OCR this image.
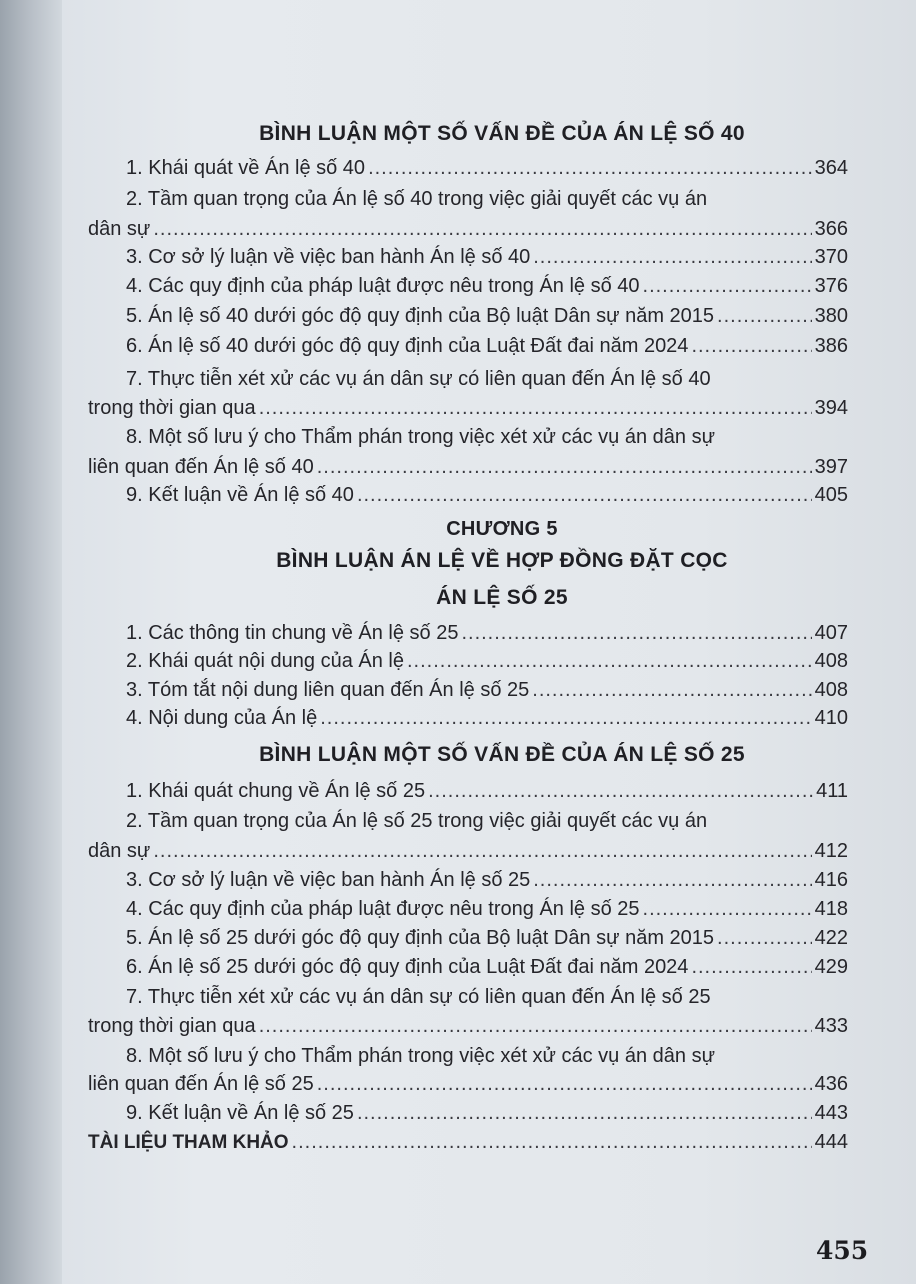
BÌNH LUẬN MỘT SỐ VẤN ĐỀ CỦA ÁN LỆ SỐ 40
1. Khái quát về Án lệ số 40 .....	364
2. Tầm quan trọng của Án lệ số 40 trong việc giải quyết các vụ án
dân sự .....	366
3. Cơ sở lý luận về việc ban hành Án lệ số 40 .....	370
4. Các quy định của pháp luật được nêu trong Án lệ số 40 .....	376
5. Án lệ số 40 dưới góc độ quy định của Bộ luật Dân sự năm 2015 .....	380
6. Án lệ số 40 dưới góc độ quy định của Luật Đất đai năm 2024 .....	386
7. Thực tiễn xét xử các vụ án dân sự có liên quan đến Án lệ số 40
trong thời gian qua .....	394
8. Một số lưu ý cho Thẩm phán trong việc xét xử các vụ án dân sự
liên quan đến Án lệ số 40 .....	397
9. Kết luận về Án lệ số 40 .....	405
CHƯƠNG 5
BÌNH LUẬN ÁN LỆ VỀ HỢP ĐỒNG ĐẶT CỌC
ÁN LỆ SỐ 25
1. Các thông tin chung về Án lệ số 25 .....	407
2. Khái quát nội dung của Án lệ .....	408
3. Tóm tắt nội dung liên quan đến Án lệ số 25 .....	408
4. Nội dung của Án lệ .....	410
BÌNH LUẬN MỘT SỐ VẤN ĐỀ CỦA ÁN LỆ SỐ 25
1. Khái quát chung về Án lệ số 25 .....	411
2. Tầm quan trọng của Án lệ số 25 trong việc giải quyết các vụ án
dân sự .....	412
3. Cơ sở lý luận về việc ban hành Án lệ số 25 .....	416
4. Các quy định của pháp luật được nêu trong Án lệ số 25 .....	418
5. Án lệ số 25 dưới góc độ quy định của Bộ luật Dân sự năm 2015 .....	422
6. Án lệ số 25 dưới góc độ quy định của Luật Đất đai năm 2024 .....	429
7. Thực tiễn xét xử các vụ án dân sự có liên quan đến Án lệ số 25
trong thời gian qua .....	433
8. Một số lưu ý cho Thẩm phán trong việc xét xử các vụ án dân sự
liên quan đến Án lệ số 25 .....	436
9. Kết luận về Án lệ số 25 .....	443
TÀI LIỆU THAM KHẢO .....	444
455
